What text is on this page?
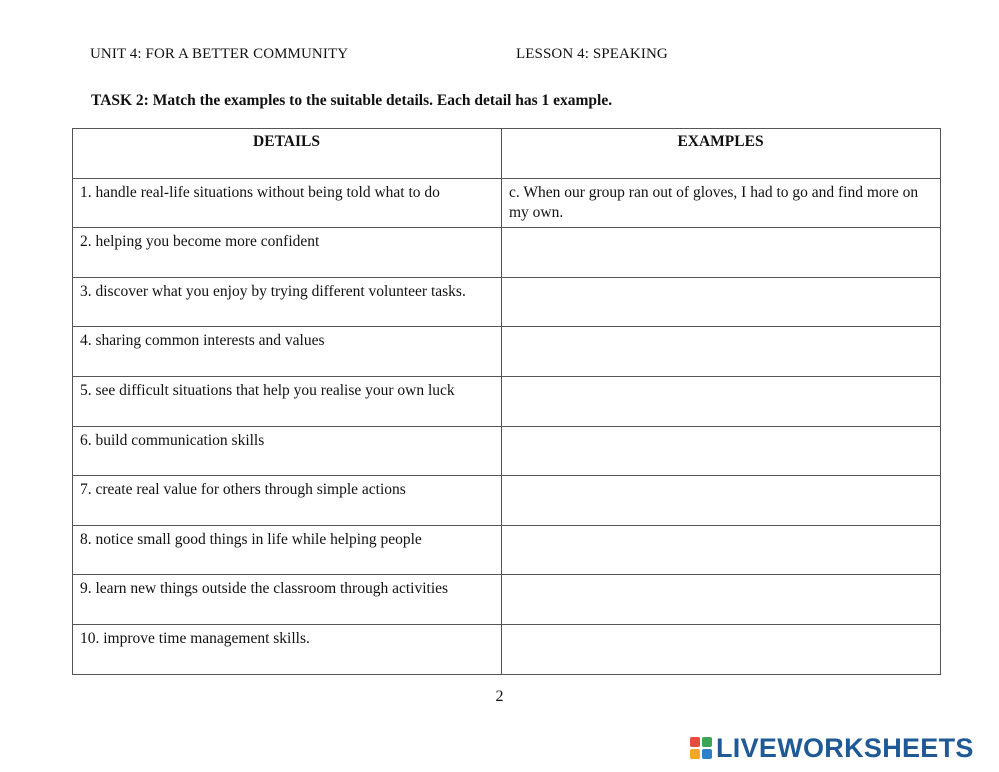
UNIT 4: FOR A BETTER COMMUNITY	LESSON 4: SPEAKING
TASK 2: Match the examples to the suitable details. Each detail has 1 example.
DETAILS	EXAMPLES
1. handle real-life situations without being told what to do	c. When our group ran out of gloves, I had to go and find more on my own.
2. helping you become more confident	
3. discover what you enjoy by trying different volunteer tasks.	
4. sharing common interests and values	
5. see difficult situations that help you realise your own luck	
6. build communication skills	
7. create real value for others through simple actions	
8. notice small good things in life while helping people	
9. learn new things outside the classroom through activities	
10. improve time management skills.	
2
LIVEWORKSHEETS
